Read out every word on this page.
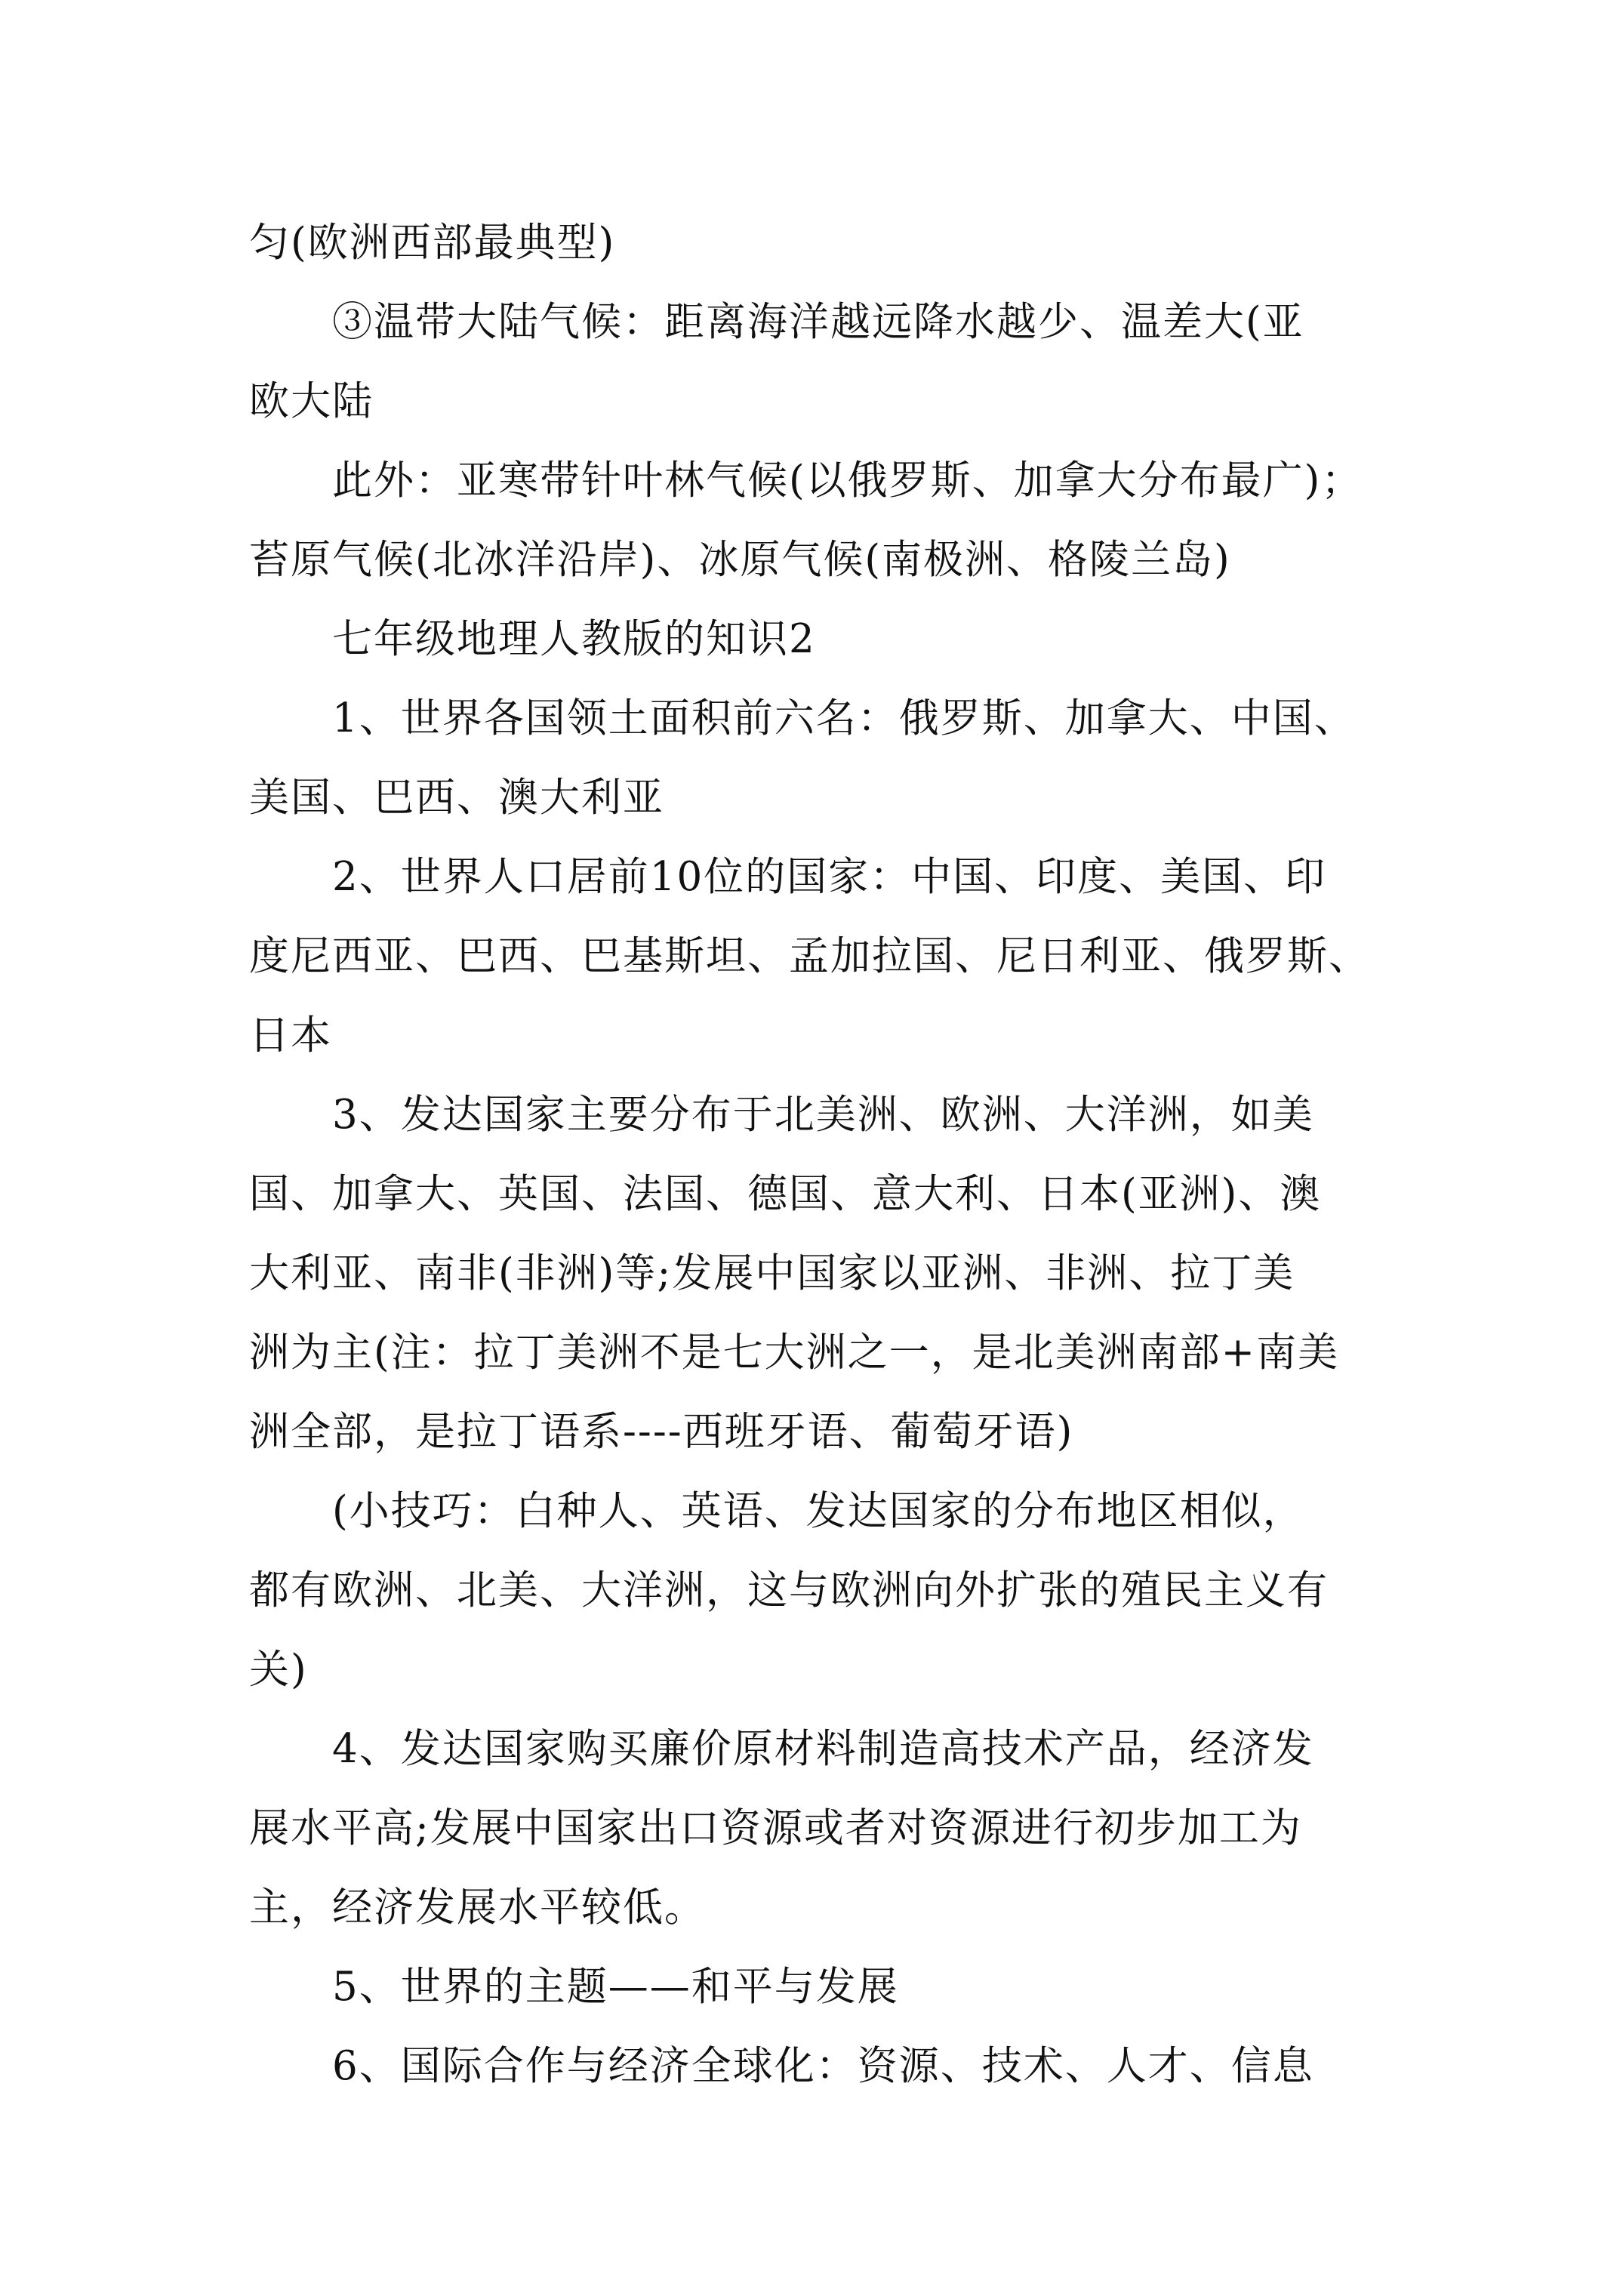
匀(欧洲西部最典型)
③温带大陆气候：距离海洋越远降水越少、温差大(亚
欧大陆
此外：亚寒带针叶林气候(以俄罗斯、加拿大分布最广)；
苔原气候(北冰洋沿岸)、冰原气候(南极洲、格陵兰岛)
七年级地理人教版的知识2
1、世界各国领土面积前六名：俄罗斯、加拿大、中国、
美国、巴西、澳大利亚
2、世界人口居前10位的国家：中国、印度、美国、印
度尼西亚、巴西、巴基斯坦、孟加拉国、尼日利亚、俄罗斯、
日本
3、发达国家主要分布于北美洲、欧洲、大洋洲，如美
国、加拿大、英国、法国、德国、意大利、日本(亚洲)、澳
大利亚、南非(非洲)等;发展中国家以亚洲、非洲、拉丁美
洲为主(注：拉丁美洲不是七大洲之一，是北美洲南部+南美
洲全部，是拉丁语系----西班牙语、葡萄牙语)
(小技巧：白种人、英语、发达国家的分布地区相似，
都有欧洲、北美、大洋洲，这与欧洲向外扩张的殖民主义有
关)
4、发达国家购买廉价原材料制造高技术产品，经济发
展水平高;发展中国家出口资源或者对资源进行初步加工为
主，经济发展水平较低。
5、世界的主题——和平与发展
6、国际合作与经济全球化：资源、技术、人才、信息
